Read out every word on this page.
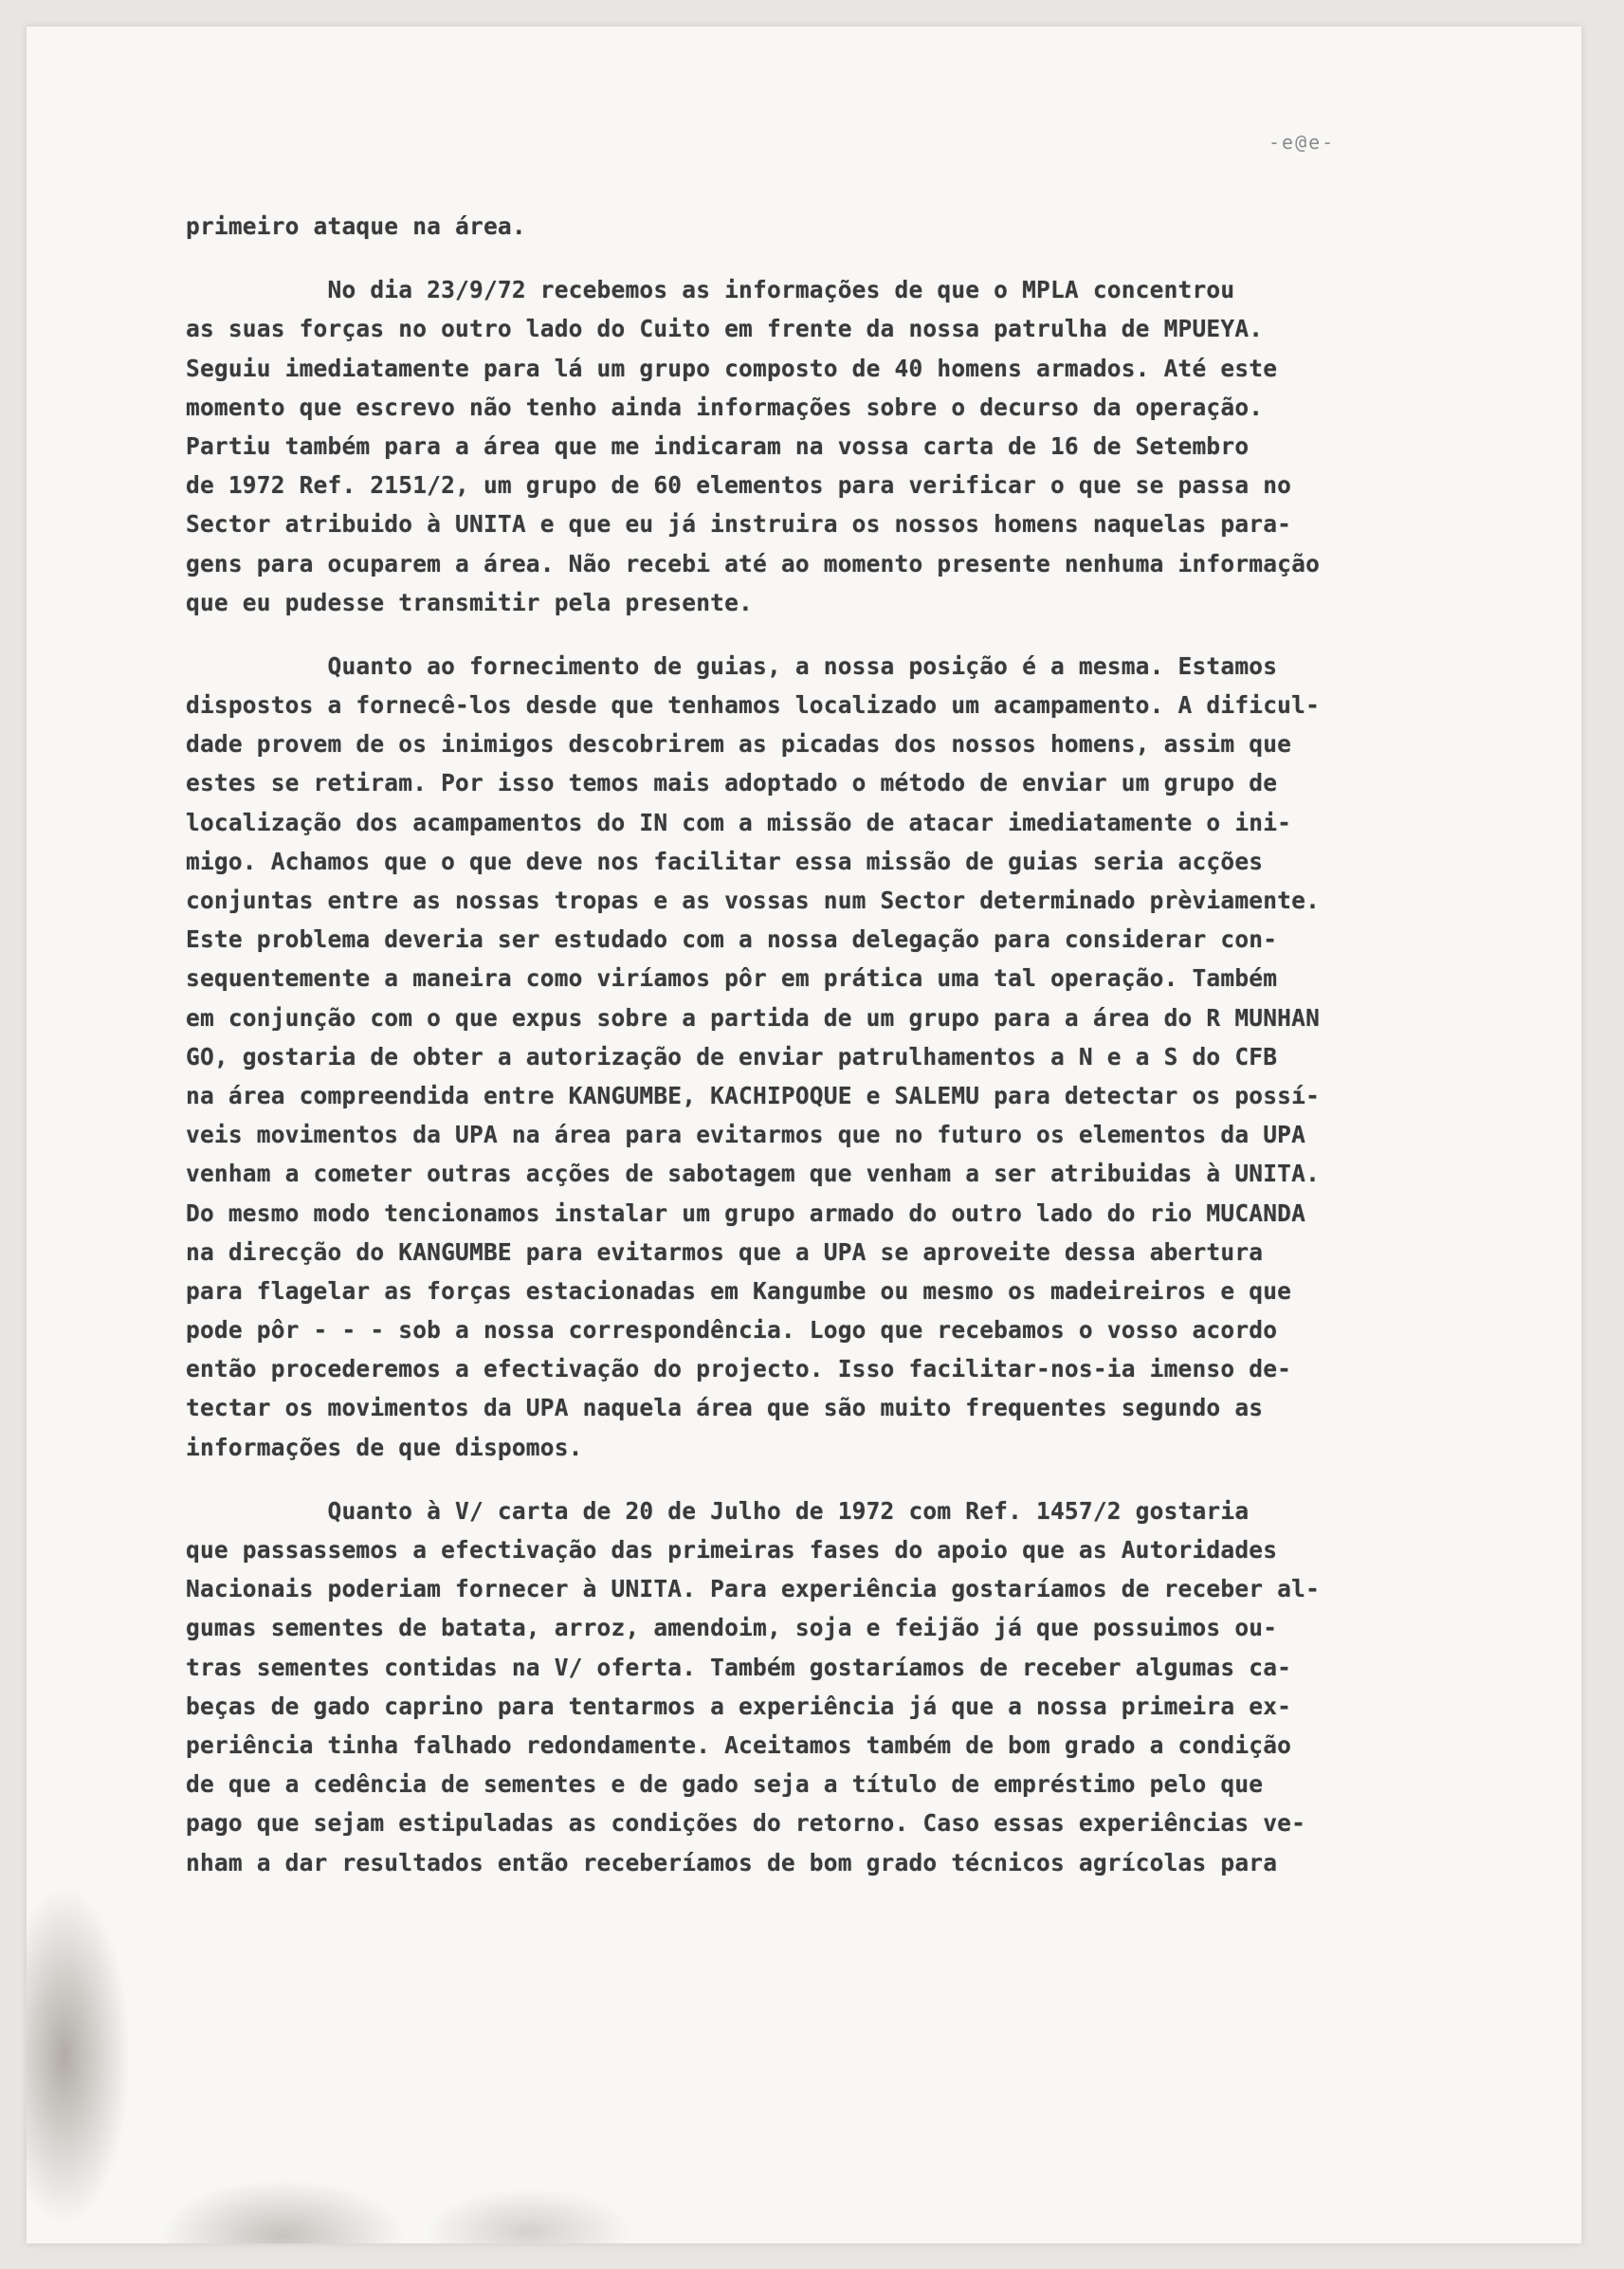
-e@e-
primeiro ataque na área.
No dia 23/9/72 recebemos as informações de que o MPLA concentrou
as suas forças no outro lado do Cuito em frente da nossa patrulha de MPUEYA.
Seguiu imediatamente para lá um grupo composto de 40 homens armados. Até este
momento que escrevo não tenho ainda informações sobre o decurso da operação.
Partiu também para a área que me indicaram na vossa carta de 16 de Setembro
de 1972 Ref. 2151/2, um grupo de 60 elementos para verificar o que se passa no
Sector atribuido à UNITA e que eu já instruira os nossos homens naquelas para-
gens para ocuparem a área. Não recebi até ao momento presente nenhuma informação
que eu pudesse transmitir pela presente.
Quanto ao fornecimento de guias, a nossa posição é a mesma. Estamos
dispostos a fornecê-los desde que tenhamos localizado um acampamento. A dificul-
dade provem de os inimigos descobrirem as picadas dos nossos homens, assim que
estes se retiram. Por isso temos mais adoptado o método de enviar um grupo de
localização dos acampamentos do IN com a missão de atacar imediatamente o ini-
migo. Achamos que o que deve nos facilitar essa missão de guias seria acções
conjuntas entre as nossas tropas e as vossas num Sector determinado prèviamente.
Este problema deveria ser estudado com a nossa delegação para considerar con-
sequentemente a maneira como viríamos pôr em prática uma tal operação. Também
em conjunção com o que expus sobre a partida de um grupo para a área do R MUNHAN
GO, gostaria de obter a autorização de enviar patrulhamentos a N e a S do CFB
na área compreendida entre KANGUMBE, KACHIPOQUE e SALEMU para detectar os possí-
veis movimentos da UPA na área para evitarmos que no futuro os elementos da UPA
venham a cometer outras acções de sabotagem que venham a ser atribuidas à UNITA.
Do mesmo modo tencionamos instalar um grupo armado do outro lado do rio MUCANDA
na direcção do KANGUMBE para evitarmos que a UPA se aproveite dessa abertura
para flagelar as forças estacionadas em Kangumbe ou mesmo os madeireiros e que
pode pôr - - - sob a nossa correspondência. Logo que recebamos o vosso acordo
então procederemos a efectivação do projecto. Isso facilitar-nos-ia imenso de-
tectar os movimentos da UPA naquela área que são muito frequentes segundo as
informações de que dispomos.
Quanto à V/ carta de 20 de Julho de 1972 com Ref. 1457/2 gostaria
que passassemos a efectivação das primeiras fases do apoio que as Autoridades
Nacionais poderiam fornecer à UNITA. Para experiência gostaríamos de receber al-
gumas sementes de batata, arroz, amendoim, soja e feijão já que possuimos ou-
tras sementes contidas na V/ oferta. Também gostaríamos de receber algumas ca-
beças de gado caprino para tentarmos a experiência já que a nossa primeira ex-
periência tinha falhado redondamente. Aceitamos também de bom grado a condição
de que a cedência de sementes e de gado seja a título de empréstimo pelo que
pago que sejam estipuladas as condições do retorno. Caso essas experiências ve-
nham a dar resultados então receberíamos de bom grado técnicos agrícolas para
